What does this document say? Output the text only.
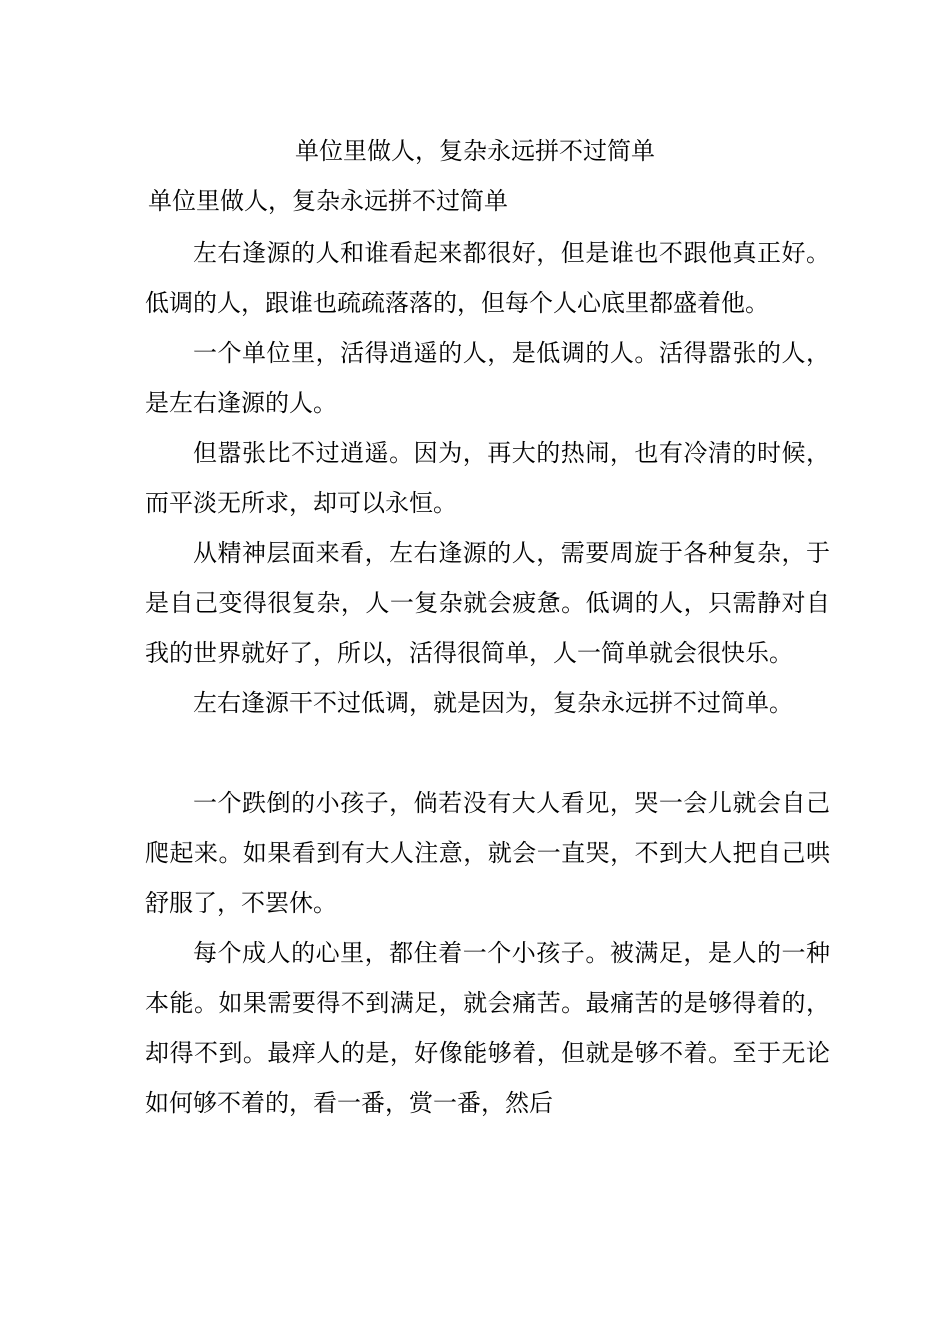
单位里做人，复杂永远拼不过简单

单位里做人，复杂永远拼不过简单

左右逢源的人和谁看起来都很好，但是谁也不跟他真正好。低调的人，跟谁也疏疏落落的，但每个人心底里都盛着他。

一个单位里，活得逍遥的人，是低调的人。活得嚣张的人，是左右逢源的人。

但嚣张比不过逍遥。因为，再大的热闹，也有冷清的时候，而平淡无所求，却可以永恒。

从精神层面来看，左右逢源的人，需要周旋于各种复杂，于是自己变得很复杂，人一复杂就会疲惫。低调的人，只需静对自我的世界就好了，所以，活得很简单，人一简单就会很快乐。

左右逢源干不过低调，就是因为，复杂永远拼不过简单。

一个跌倒的小孩子，倘若没有大人看见，哭一会儿就会自己爬起来。如果看到有大人注意，就会一直哭，不到大人把自己哄舒服了，不罢休。

每个成人的心里，都住着一个小孩子。被满足，是人的一种本能。如果需要得不到满足，就会痛苦。最痛苦的是够得着的，却得不到。最痒人的是，好像能够着，但就是够不着。至于无论如何够不着的，看一番，赏一番，然后
